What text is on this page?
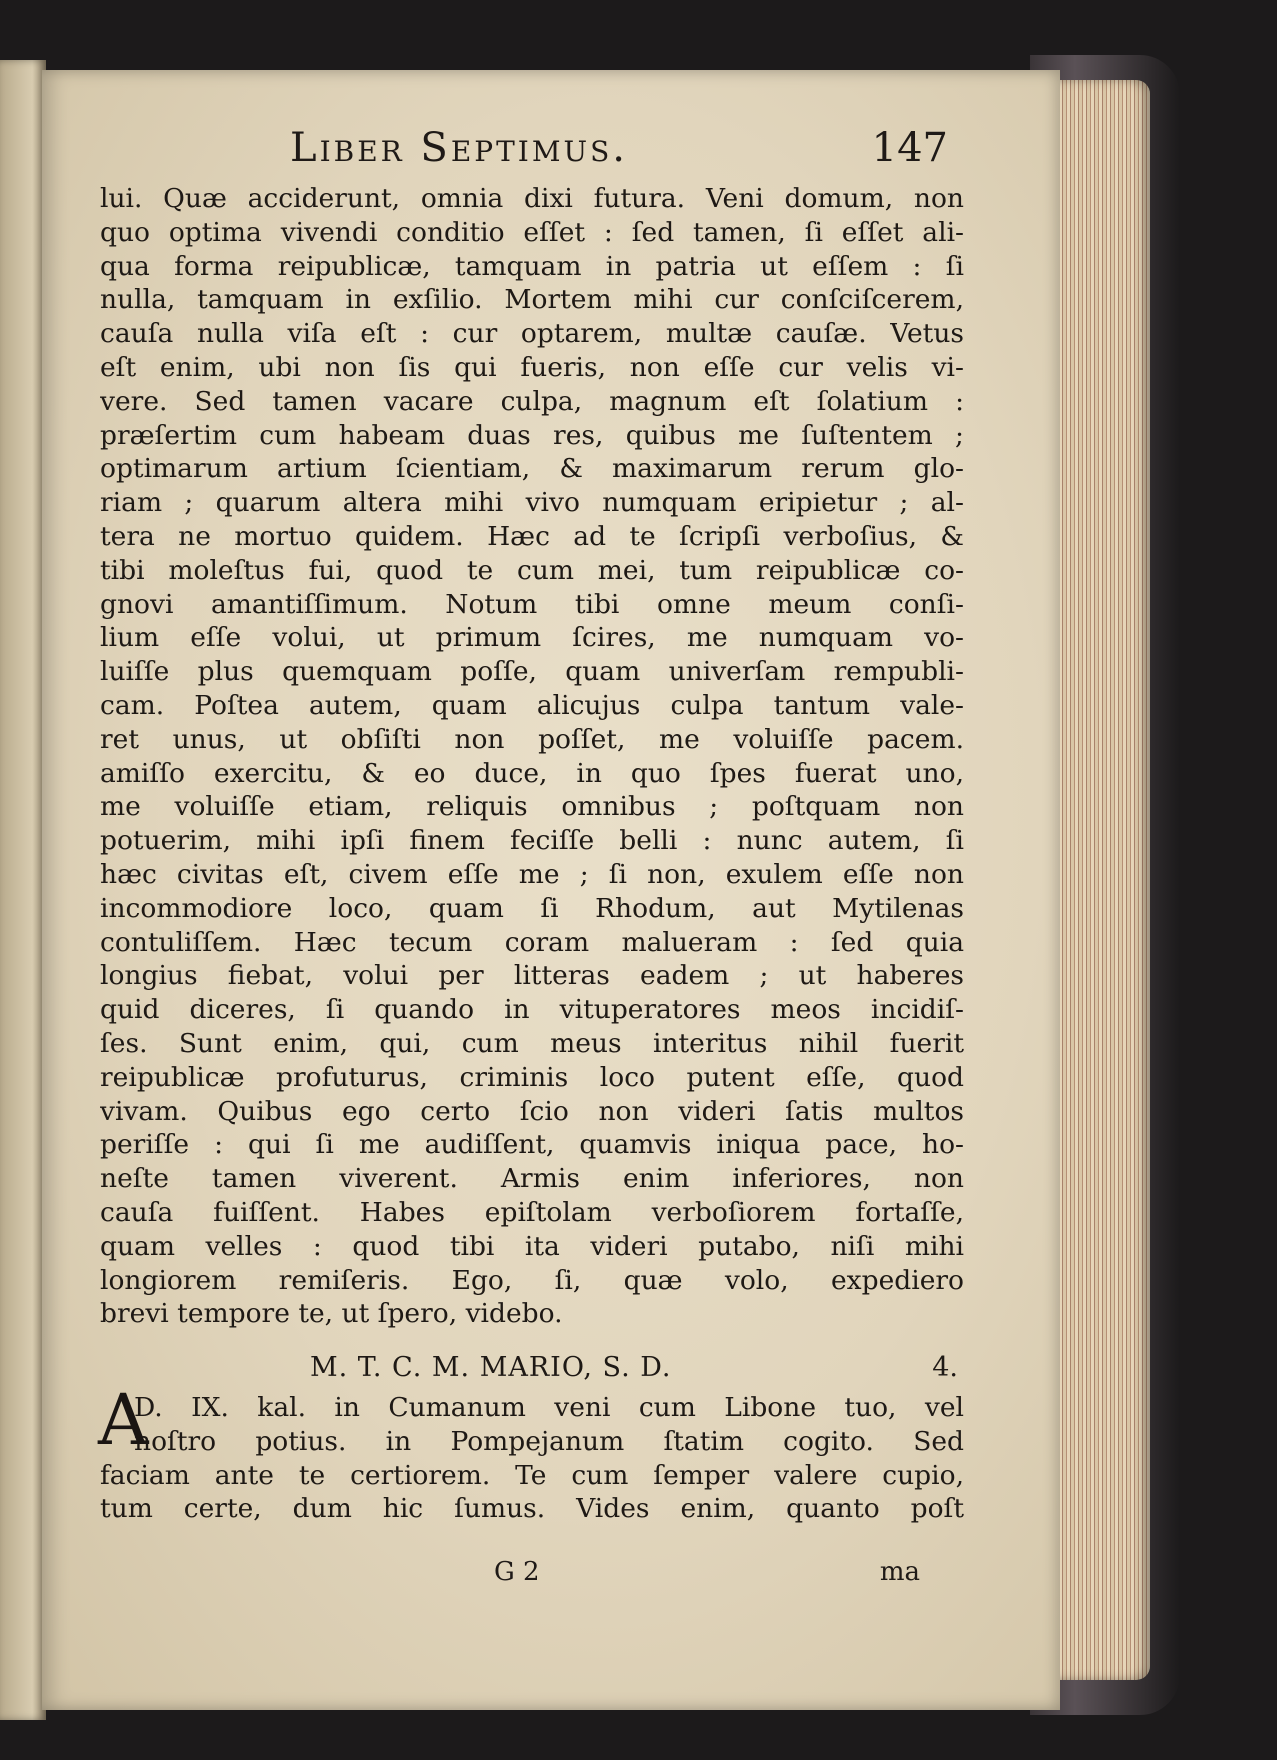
Liber Septimus.	147
lui. Quæ acciderunt, omnia dixi futura. Veni domum, non
quo optima vivendi conditio eſſet : ſed tamen, ſi eſſet ali-
qua forma reipublicæ, tamquam in patria ut eſſem : ſi
nulla, tamquam in exſilio. Mortem mihi cur conſciſcerem,
cauſa nulla viſa eſt : cur optarem, multæ cauſæ. Vetus
eſt enim, ubi non ſis qui fueris, non eſſe cur velis vi-
vere. Sed tamen vacare culpa, magnum eſt ſolatium :
præſertim cum habeam duas res, quibus me ſuſtentem ;
optimarum artium ſcientiam, & maximarum rerum glo-
riam ; quarum altera mihi vivo numquam eripietur ; al-
tera ne mortuo quidem. Hæc ad te ſcripſi verboſius, &
tibi moleſtus fui, quod te cum mei, tum reipublicæ co-
gnovi amantiſſimum. Notum tibi omne meum conſi-
lium eſſe volui, ut primum ſcires, me numquam vo-
luiſſe plus quemquam poſſe, quam univerſam rempubli-
cam. Poſtea autem, quam alicujus culpa tantum vale-
ret unus, ut obſiſti non poſſet, me voluiſſe pacem.
amiſſo exercitu, & eo duce, in quo ſpes fuerat uno,
me voluiſſe etiam, reliquis omnibus ; poſtquam non
potuerim, mihi ipſi finem feciſſe belli : nunc autem, ſi
hæc civitas eſt, civem eſſe me ; ſi non, exulem eſſe non
incommodiore loco, quam ſi Rhodum, aut Mytilenas
contuliſſem. Hæc tecum coram malueram : ſed quia
longius fiebat, volui per litteras eadem ; ut haberes
quid diceres, ſi quando in vituperatores meos incidiſ-
ſes. Sunt enim, qui, cum meus interitus nihil fuerit
reipublicæ profuturus, criminis loco putent eſſe, quod
vivam. Quibus ego certo ſcio non videri ſatis multos
periſſe : qui ſi me audiſſent, quamvis iniqua pace, ho-
neſte tamen viverent. Armis enim inferiores, non
cauſa fuiſſent. Habes epiſtolam verboſiorem fortaſſe,
quam velles : quod tibi ita videri putabo, niſi mihi
longiorem remiſeris. Ego, ſi, quæ volo, expediero
brevi tempore te, ut ſpero, videbo.
M. T. C. M. MARIO, S. D.	4.
A
D. IX. kal. in Cumanum veni cum Libone tuo, vel
noſtro potius. in Pompejanum ſtatim cogito. Sed
faciam ante te certiorem. Te cum ſemper valere cupio,
tum certe, dum hic ſumus. Vides enim, quanto poſt
G 2	ma
